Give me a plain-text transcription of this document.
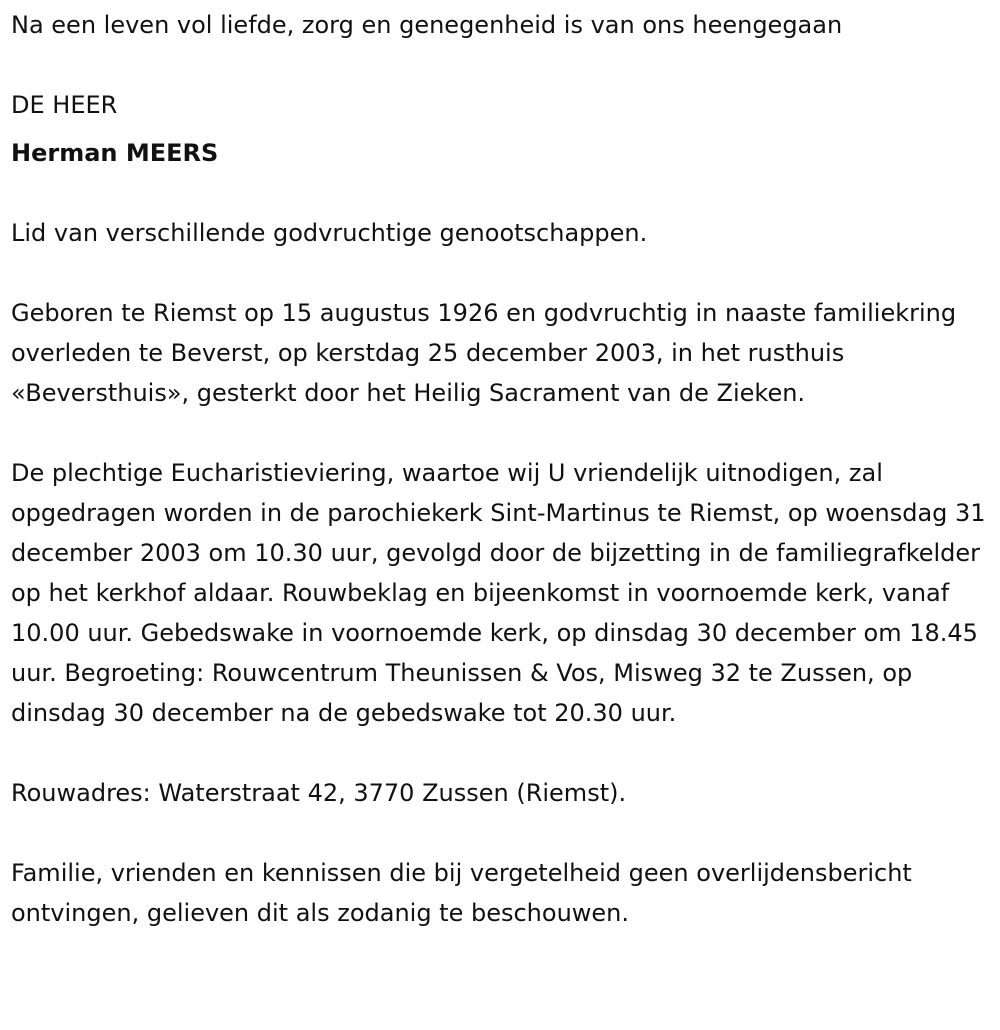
Na een leven vol liefde, zorg en genegenheid is van ons heengegaan

DE HEER

Herman MEERS

Lid van verschillende godvruchtige genootschappen.

Geboren te Riemst op 15 augustus 1926 en godvruchtig in naaste familiekring overleden te Beverst, op kerstdag 25 december 2003, in het rusthuis «Beversthuis», gesterkt door het Heilig Sacrament van de Zieken.

De plechtige Eucharistieviering, waartoe wij U vriendelijk uitnodigen, zal opgedragen worden in de parochiekerk Sint-Martinus te Riemst, op woensdag 31 december 2003 om 10.30 uur, gevolgd door de bijzetting in de familiegrafkelder op het kerkhof aldaar. Rouwbeklag en bijeenkomst in voornoemde kerk, vanaf 10.00 uur. Gebedswake in voornoemde kerk, op dinsdag 30 december om 18.45 uur. Begroeting: Rouwcentrum Theunissen & Vos, Misweg 32 te Zussen, op dinsdag 30 december na de gebedswake tot 20.30 uur.

Rouwadres: Waterstraat 42, 3770 Zussen (Riemst).

Familie, vrienden en kennissen die bij vergetelheid geen overlijdensbericht ontvingen, gelieven dit als zodanig te beschouwen.
